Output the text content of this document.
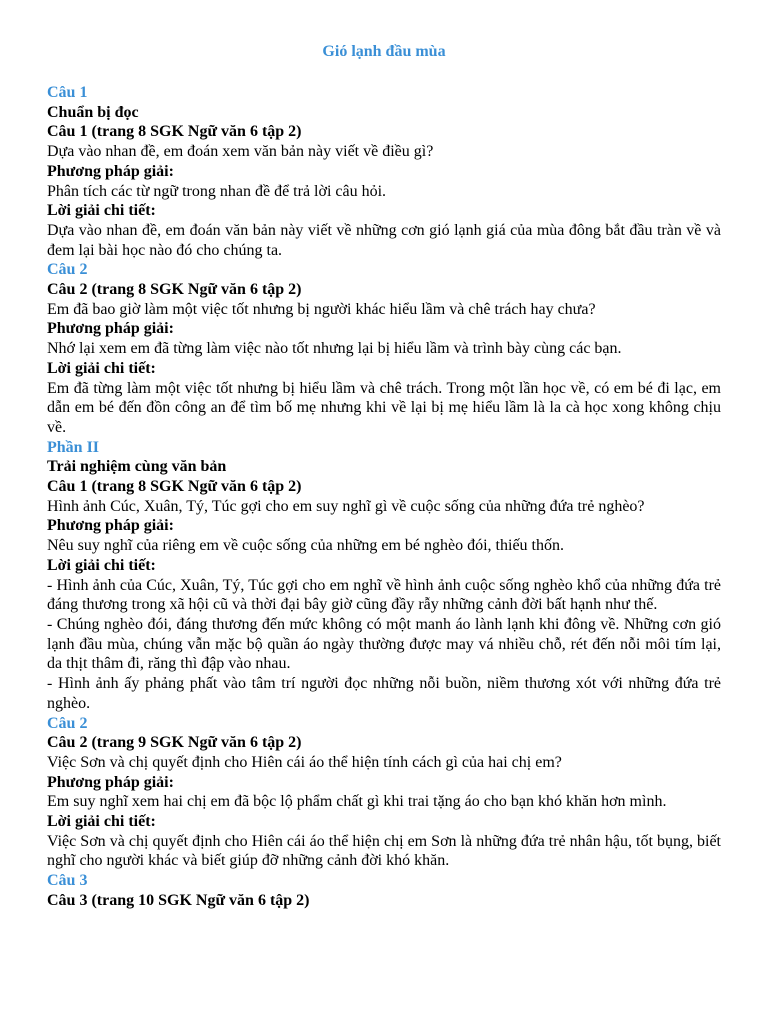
Gió lạnh đầu mùa
Câu 1
Chuẩn bị đọc
Câu 1 (trang 8 SGK Ngữ văn 6 tập 2)
Dựa vào nhan đề, em đoán xem văn bản này viết về điều gì?
Phương pháp giải:
Phân tích các từ ngữ trong nhan đề để trả lời câu hỏi.
Lời giải chi tiết:
Dựa vào nhan đề, em đoán văn bản này viết về những cơn gió lạnh giá của mùa đông bắt đầu tràn về và đem lại bài học nào đó cho chúng ta.
Câu 2
Câu 2 (trang 8 SGK Ngữ văn 6 tập 2)
Em đã bao giờ làm một việc tốt nhưng bị người khác hiểu lầm và chê trách hay chưa?
Phương pháp giải:
Nhớ lại xem em đã từng làm việc nào tốt nhưng lại bị hiểu lầm và trình bày cùng các bạn.
Lời giải chi tiết:
Em đã từng làm một việc tốt nhưng bị hiểu lầm và chê trách. Trong một lần học về, có em bé đi lạc, em dẫn em bé đến đồn công an để tìm bố mẹ nhưng khi về lại bị mẹ hiểu lầm là la cà học xong không chịu về.
Phần II
Trải nghiệm cùng văn bản
Câu 1 (trang 8 SGK Ngữ văn 6 tập 2)
Hình ảnh Cúc, Xuân, Tý, Túc gợi cho em suy nghĩ gì về cuộc sống của những đứa trẻ nghèo?
Phương pháp giải:
Nêu suy nghĩ của riêng em về cuộc sống của những em bé nghèo đói, thiếu thốn.
Lời giải chi tiết:
- Hình ảnh của Cúc, Xuân, Tý, Túc gợi cho em nghĩ về hình ảnh cuộc sống nghèo khổ của những đứa trẻ đáng thương trong xã hội cũ và thời đại bây giờ cũng đầy rẫy những cảnh đời bất hạnh như thế.
- Chúng nghèo đói, đáng thương đến mức không có một manh áo lành lạnh khi đông về. Những cơn gió lạnh đầu mùa, chúng vẫn mặc bộ quần áo ngày thường được may vá nhiều chỗ, rét đến nỗi môi tím lại, da thịt thâm đi, răng thì đập vào nhau.
- Hình ảnh ấy phảng phất vào tâm trí người đọc những nỗi buồn, niềm thương xót với những đứa trẻ nghèo.
Câu 2
Câu 2 (trang 9 SGK Ngữ văn 6 tập 2)
Việc Sơn và chị quyết định cho Hiên cái áo thể hiện tính cách gì của hai chị em?
Phương pháp giải:
Em suy nghĩ xem hai chị em đã bộc lộ phẩm chất gì khi trai tặng áo cho bạn khó khăn hơn mình.
Lời giải chi tiết:
Việc Sơn và chị quyết định cho Hiên cái áo thể hiện chị em Sơn là những đứa trẻ nhân hậu, tốt bụng, biết nghĩ cho người khác và biết giúp đỡ những cảnh đời khó khăn.
Câu 3
Câu 3 (trang 10 SGK Ngữ văn 6 tập 2)
